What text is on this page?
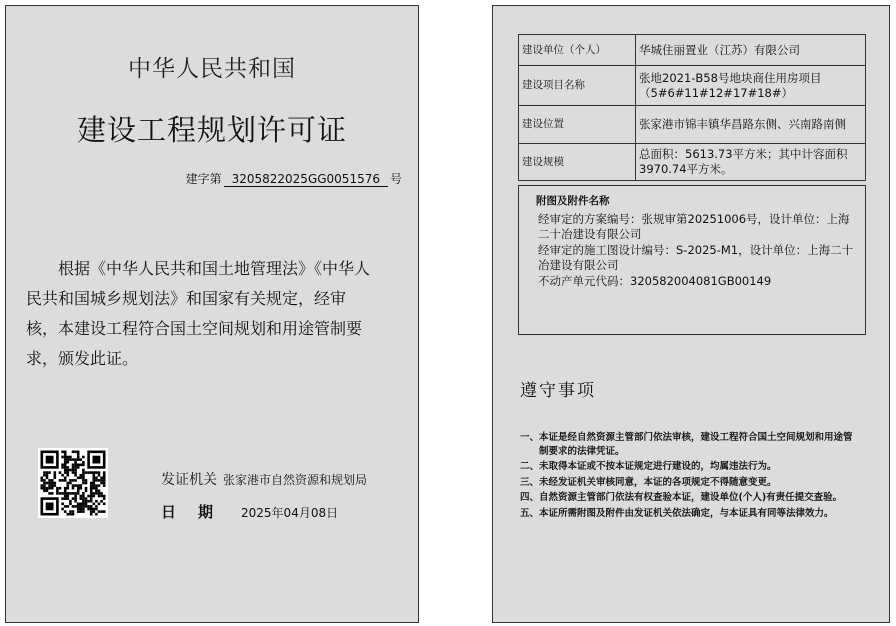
中华人民共和国
建设工程规划许可证
建字第 320582202​5GG0051576 号
根据《中华人民共和国土地管理法》《中华人民共和国城乡规划法》和国家有关规定，经审核，本建设工程符合国土空间规划和用途管制要求，颁发此证。
发证机关 张家港市自然资源和规划局
日期 2025年04月08日
建设单位（个人）	华城住丽置业（江苏）有限公司
建设项目名称	张地2021-B58号地块商住用房项目（5#6#11#12#17#18#）
建设位置	张家港市锦丰镇华昌路东侧、兴南路南侧
建设规模	总面积：5613.73平方米；其中计容面积3970.74平方米。
附图及附件名称
经审定的方案编号：张规审第20251006号，设计单位：上海二十冶建设有限公司
经审定的施工图设计编号：S-2025-M1，设计单位：上海二十冶建设有限公司
不动产单元代码：320582004081GB00149
遵守事项
一、本证是经自然资源主管部门依法审核，建设工程符合国土空间规划和用途管制要求的法律凭证。
二、未取得本证或不按本证规定进行建设的，均属违法行为。
三、未经发证机关审核同意，本证的各项规定不得随意变更。
四、自然资源主管部门依法有权查验本证，建设单位(个人)有责任提交查验。
五、本证所需附图及附件由发证机关依法确定，与本证具有同等法律效力。
